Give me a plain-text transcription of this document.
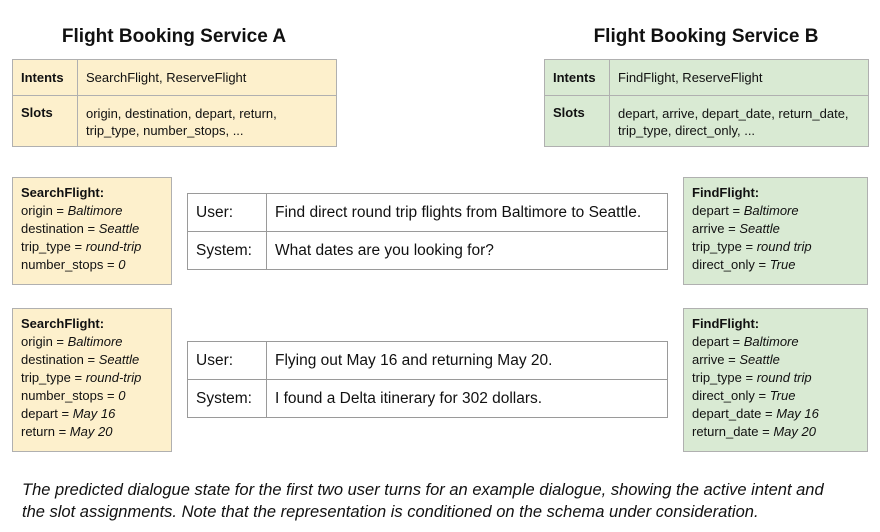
Flight Booking Service A	Flight Booking Service B
Intents	SearchFlight, ReserveFlight
Slots	origin, destination, depart, return,
trip_type, number_stops, ...
Intents	FindFlight, ReserveFlight
Slots	depart, arrive, depart_date, return_date,
trip_type, direct_only, ...
SearchFlight:
origin = Baltimore
destination = Seattle
trip_type = round-trip
number_stops = 0
User:	Find direct round trip flights from Baltimore to Seattle.
System:	What dates are you looking for?
FindFlight:
depart = Baltimore
arrive = Seattle
trip_type = round trip
direct_only = True
SearchFlight:
origin = Baltimore
destination = Seattle
trip_type = round-trip
number_stops = 0
depart = May 16
return = May 20
User:	Flying out May 16 and returning May 20.
System:	I found a Delta itinerary for 302 dollars.
FindFlight:
depart = Baltimore
arrive = Seattle
trip_type = round trip
direct_only = True
depart_date = May 16
return_date = May 20
The predicted dialogue state for the first two user turns for an example dialogue, showing the active intent and
the slot assignments. Note that the representation is conditioned on the schema under consideration.
